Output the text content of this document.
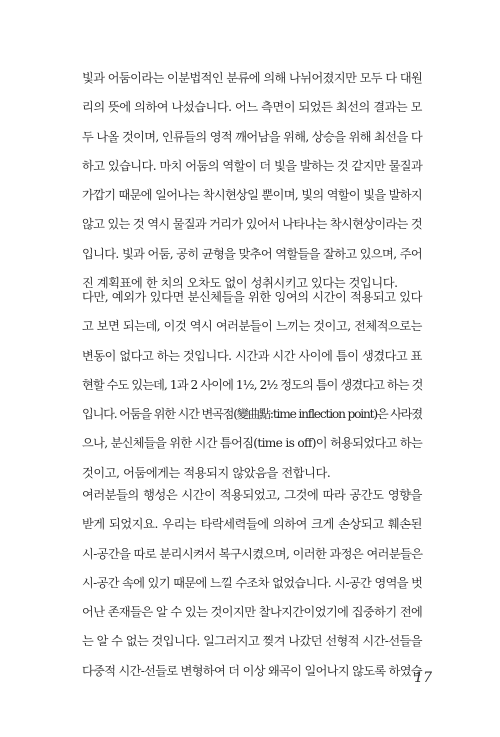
빛과 어둠이라는 이분법적인 분류에 의해 나뉘어졌지만 모두 다 대원
리의 뜻에 의하여 나섰습니다. 어느 측면이 되었든 최선의 결과는 모
두 나올 것이며, 인류들의 영적 깨어남을 위해, 상승을 위해 최선을 다
하고 있습니다. 마치 어둠의 역할이 더 빛을 발하는 것 같지만 물질과
가깝기 때문에 일어나는 착시현상일 뿐이며, 빛의 역할이 빛을 발하지
않고 있는 것 역시 물질과 거리가 있어서 나타나는 착시현상이라는 것
입니다. 빛과 어둠, 공히 균형을 맞추어 역할들을 잘하고 있으며, 주어
진 계획표에 한 치의 오차도 없이 성취시키고 있다는 것입니다.
다만, 예외가 있다면 분신체들을 위한 잉여의 시간이 적용되고 있다
고 보면 되는데, 이것 역시 여러분들이 느끼는 것이고, 전체적으로는
변동이 없다고 하는 것입니다. 시간과 시간 사이에 틈이 생겼다고 표
현할 수도 있는데, 1과 2 사이에 1½, 2½ 정도의 틈이 생겼다고 하는 것
입니다. 어둠을 위한 시간 변곡점(變曲點:time inflection point)은 사라졌
으나, 분신체들을 위한 시간 틈어짐(time is off)이 허용되었다고 하는
것이고, 어둠에게는 적용되지 않았음을 전합니다.
여러분들의 행성은 시간이 적용되었고, 그것에 따라 공간도 영향을
받게 되었지요. 우리는 타락세력들에 의하여 크게 손상되고 훼손된
시-공간을 따로 분리시켜서 복구시켰으며, 이러한 과정은 여러분들은
시-공간 속에 있기 때문에 느낄 수조차 없었습니다. 시-공간 영역을 벗
어난 존재들은 알 수 있는 것이지만 찰나지간이었기에 집중하기 전에
는 알 수 없는 것입니다. 일그러지고 찢겨 나갔던 선형적 시간-선들을
다중적 시간-선들로 변형하여 더 이상 왜곡이 일어나지 않도록 하였습
17
